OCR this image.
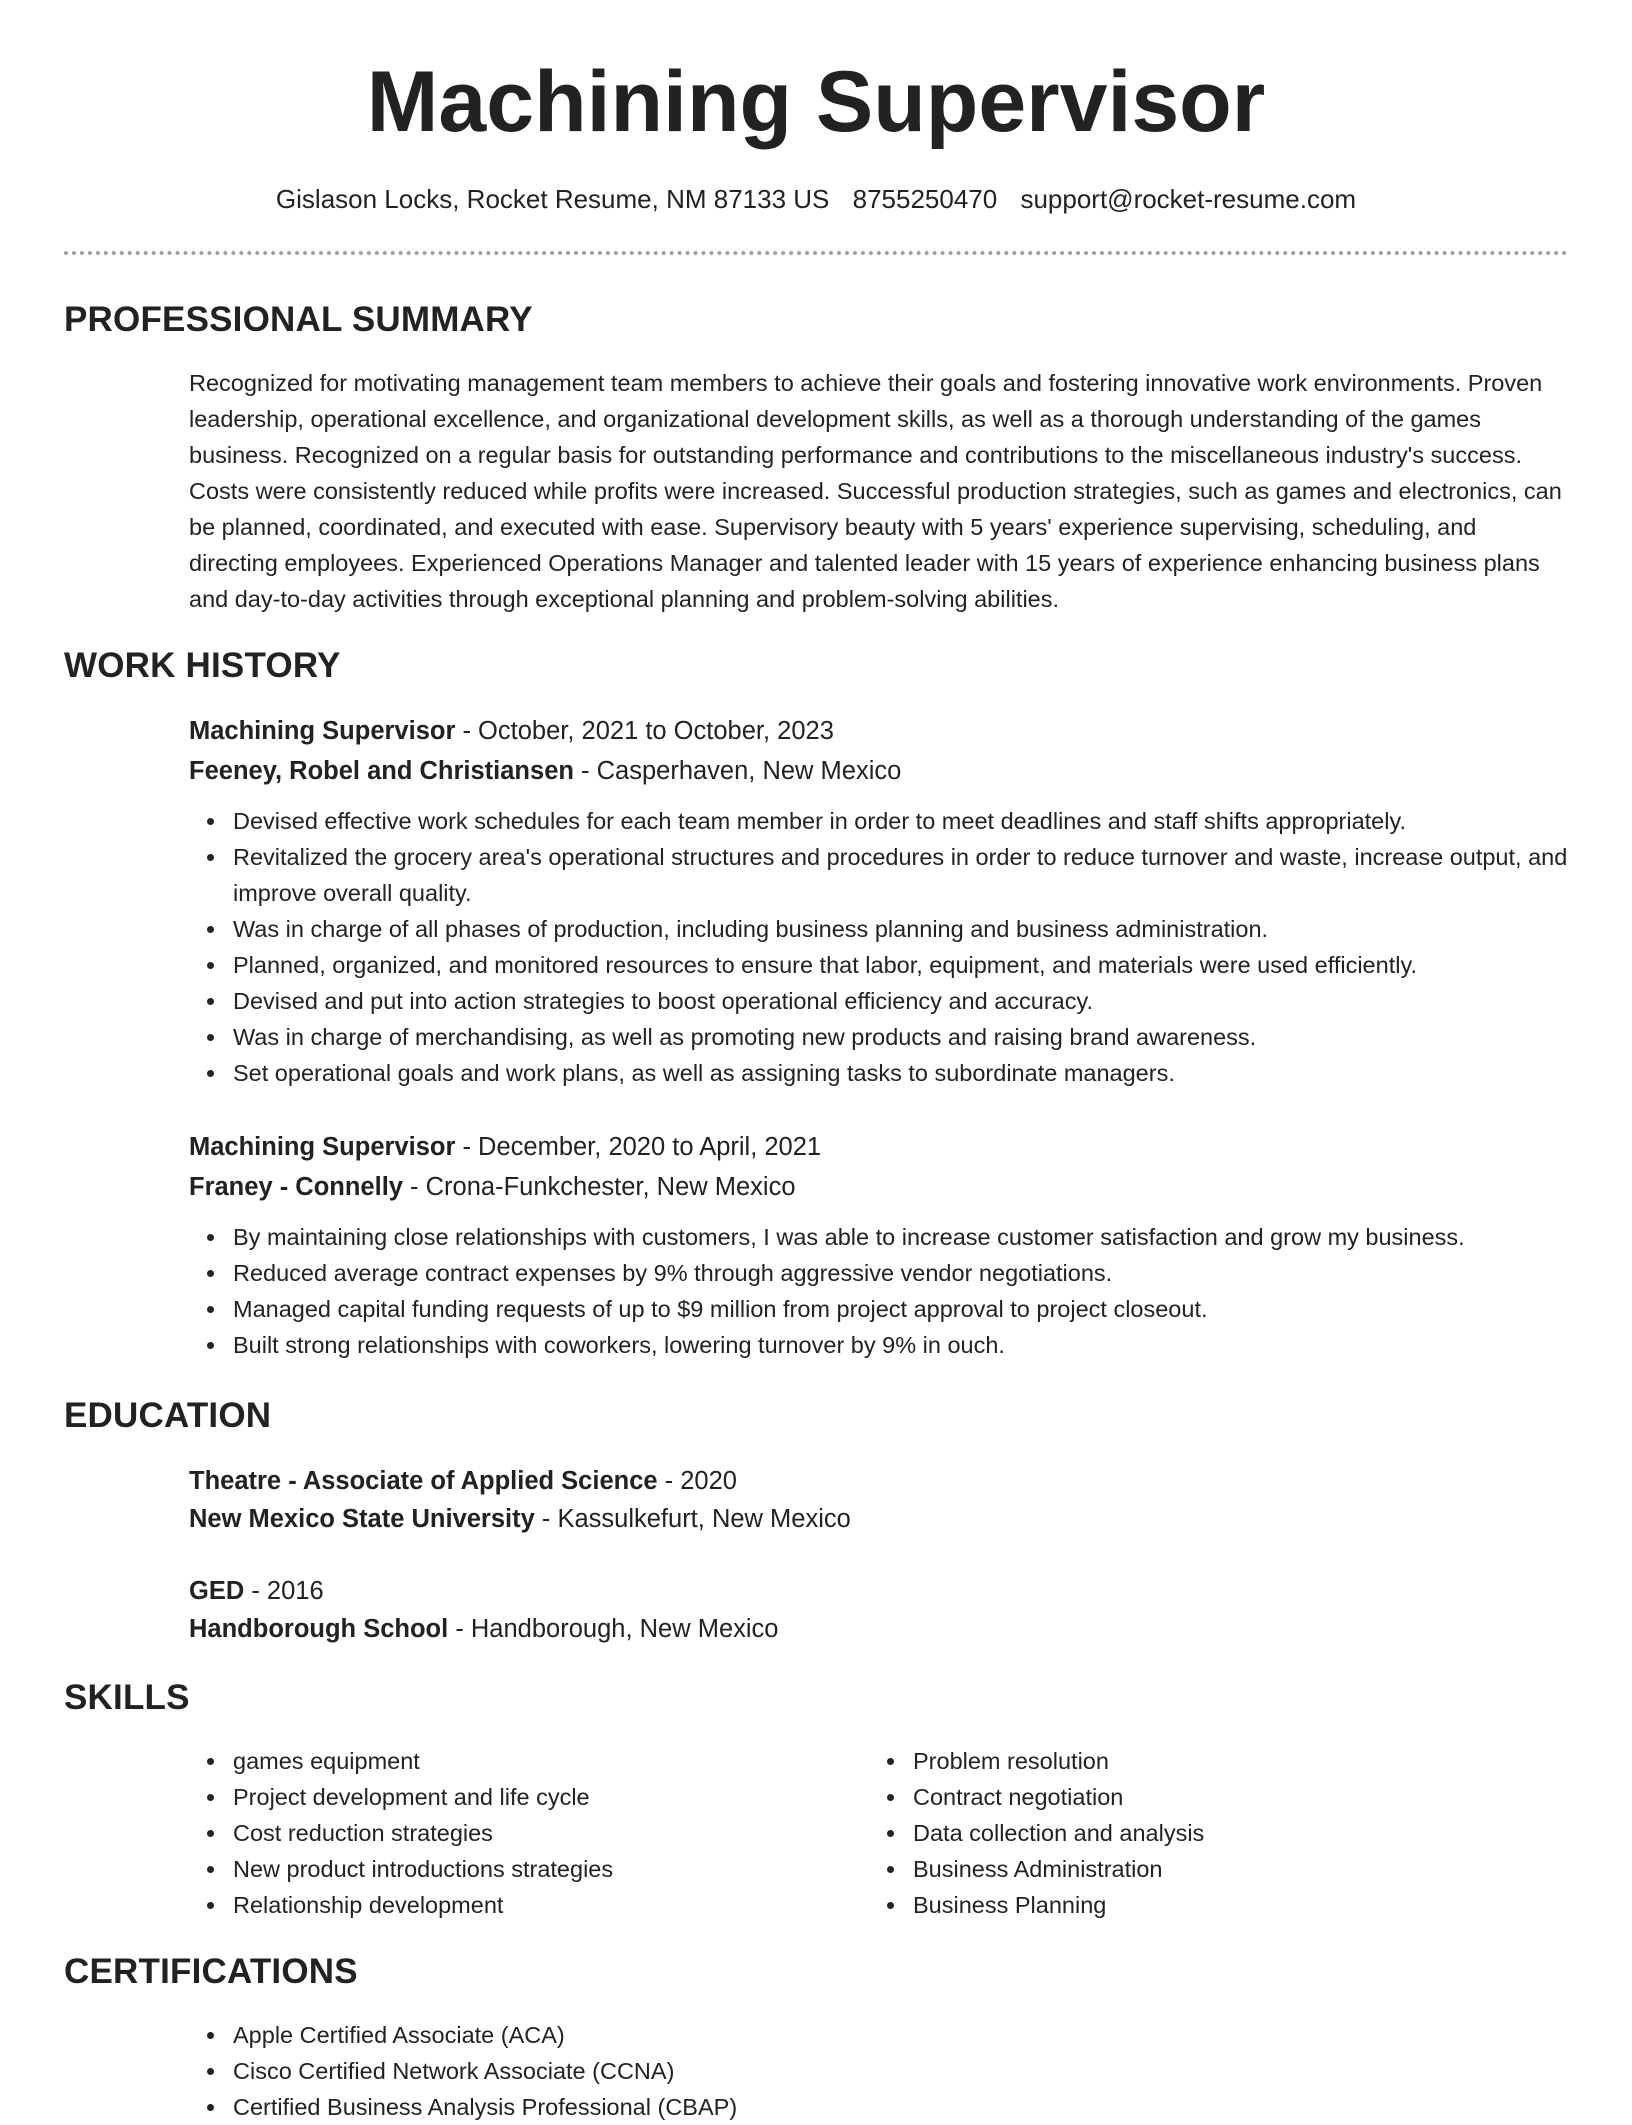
Machining Supervisor
Gislason Locks, Rocket Resume, NM 87133 US 8755250470 support@rocket-resume.com
PROFESSIONAL SUMMARY
Recognized for motivating management team members to achieve their goals and fostering innovative work environments. Proven leadership, operational excellence, and organizational development skills, as well as a thorough understanding of the games business. Recognized on a regular basis for outstanding performance and contributions to the miscellaneous industry's success. Costs were consistently reduced while profits were increased. Successful production strategies, such as games and electronics, can be planned, coordinated, and executed with ease. Supervisory beauty with 5 years' experience supervising, scheduling, and directing employees. Experienced Operations Manager and talented leader with 15 years of experience enhancing business plans and day-to-day activities through exceptional planning and problem-solving abilities.
WORK HISTORY
Machining Supervisor - October, 2021 to October, 2023
Feeney, Robel and Christiansen - Casperhaven, New Mexico
Devised effective work schedules for each team member in order to meet deadlines and staff shifts appropriately.
Revitalized the grocery area's operational structures and procedures in order to reduce turnover and waste, increase output, and improve overall quality.
Was in charge of all phases of production, including business planning and business administration.
Planned, organized, and monitored resources to ensure that labor, equipment, and materials were used efficiently.
Devised and put into action strategies to boost operational efficiency and accuracy.
Was in charge of merchandising, as well as promoting new products and raising brand awareness.
Set operational goals and work plans, as well as assigning tasks to subordinate managers.
Machining Supervisor - December, 2020 to April, 2021
Franey - Connelly - Crona-Funkchester, New Mexico
By maintaining close relationships with customers, I was able to increase customer satisfaction and grow my business.
Reduced average contract expenses by 9% through aggressive vendor negotiations.
Managed capital funding requests of up to $9 million from project approval to project closeout.
Built strong relationships with coworkers, lowering turnover by 9% in ouch.
EDUCATION
Theatre - Associate of Applied Science - 2020
New Mexico State University - Kassulkefurt, New Mexico
GED - 2016
Handborough School - Handborough, New Mexico
SKILLS
games equipment
Project development and life cycle
Cost reduction strategies
New product introductions strategies
Relationship development
Problem resolution
Contract negotiation
Data collection and analysis
Business Administration
Business Planning
CERTIFICATIONS
Apple Certified Associate (ACA)
Cisco Certified Network Associate (CCNA)
Certified Business Analysis Professional (CBAP)
